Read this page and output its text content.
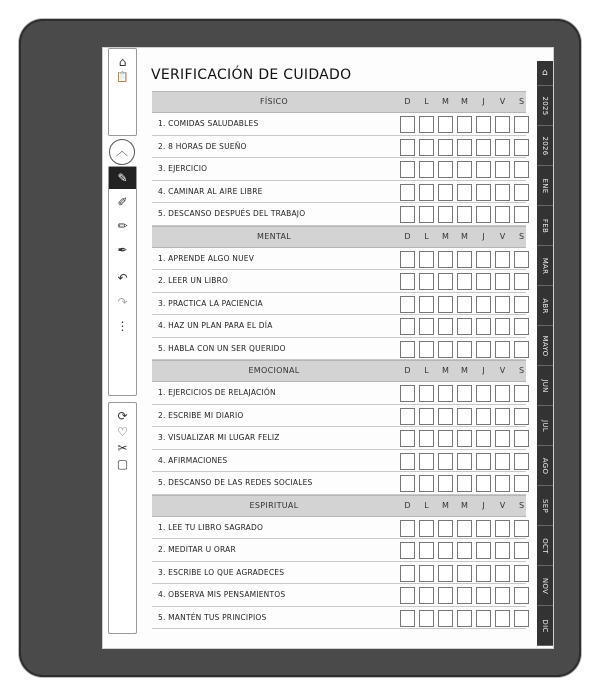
⌂
📋
︿
✎
✐
✏
✒
↶
↷
⋮
⟳
♡
✂
▢
VERIFICACIÓN DE CUIDADO
FÍSICO	D	L	M	M	J	V	S
1. COMIDAS SALUDABLES
2. 8 HORAS DE SUEÑO
3. EJERCICIO
4. CAMINAR AL AIRE LIBRE
5. DESCANSO DESPUÉS DEL TRABAJO
MENTAL	D	L	M	M	J	V	S
1. APRENDE ALGO NUEV
2. LEER UN LIBRO
3. PRACTICA LA PACIENCIA
4. HAZ UN PLAN PARA EL DÍA
5. HABLA CON UN SER QUERIDO
EMOCIONAL	D	L	M	M	J	V	S
1. EJERCICIOS DE RELAJACIÓN
2. ESCRIBE MI DIARIO
3. VISUALIZAR MI LUGAR FELIZ
4. AFIRMACIONES
5. DESCANSO DE LAS REDES SOCIALES
ESPIRITUAL	D	L	M	M	J	V	S
1. LEE TU LIBRO SAGRADO
2. MEDITAR U ORAR
3. ESCRIBE LO QUE AGRADECES
4. OBSERVA MIS PENSAMIENTOS
5. MANTÉN TUS PRINCIPIOS
⌂
2025
2026
ENE
FEB
MAR
ABR
MAYO
JUN
JUL
AGO
SEP
OCT
NOV
DIC
